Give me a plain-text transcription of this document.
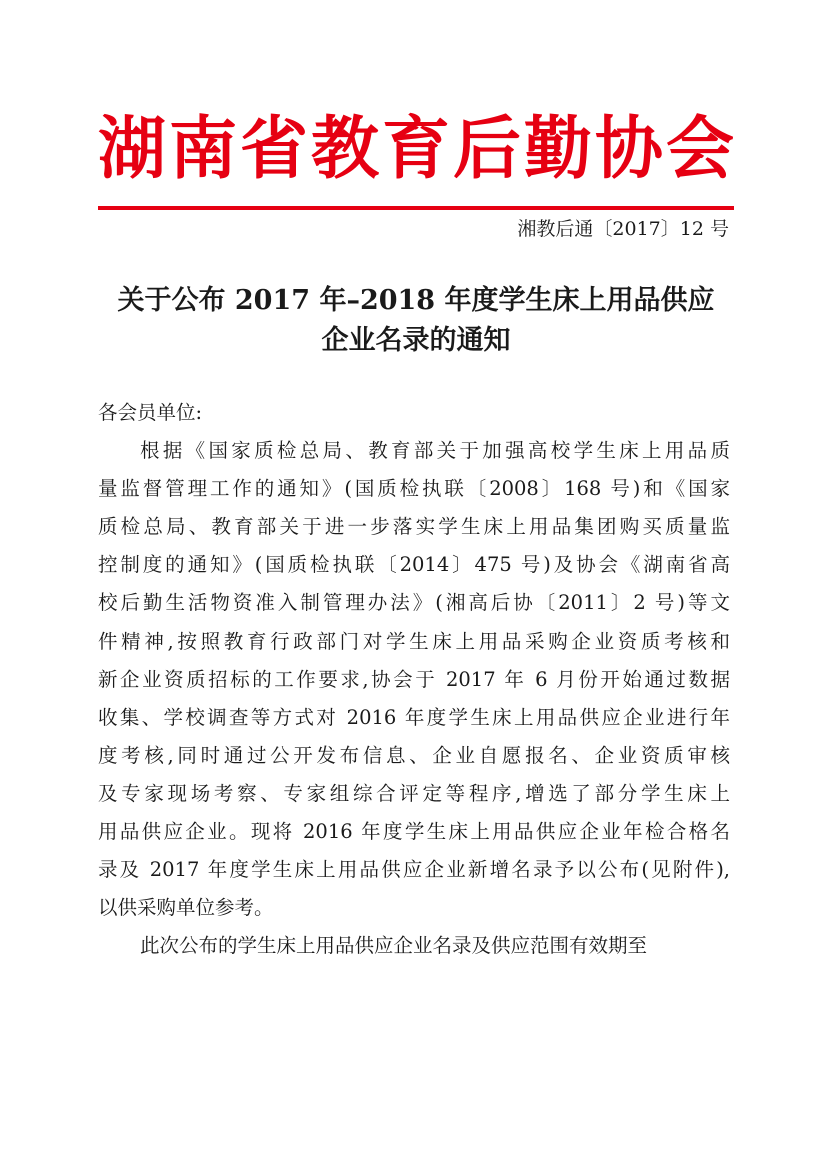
湖南省教育后勤协会
湘教后通〔2017〕12 号
关于公布 2017 年–2018 年度学生床上用品供应
企业名录的通知

各会员单位:

根据《国家质检总局、教育部关于加强高校学生床上用品质

量监督管理工作的通知》(国质检执联〔2008〕168 号)和《国家

质检总局、教育部关于进一步落实学生床上用品集团购买质量监

控制度的通知》(国质检执联〔2014〕475 号)及协会《湖南省高

校后勤生活物资准入制管理办法》(湘高后协〔2011〕2 号)等文

件精神,按照教育行政部门对学生床上用品采购企业资质考核和

新企业资质招标的工作要求,协会于 2017 年 6 月份开始通过数据

收集、学校调查等方式对 2016 年度学生床上用品供应企业进行年

度考核,同时通过公开发布信息、企业自愿报名、企业资质审核

及专家现场考察、专家组综合评定等程序,增选了部分学生床上

用品供应企业。现将 2016 年度学生床上用品供应企业年检合格名

录及 2017 年度学生床上用品供应企业新增名录予以公布(见附件),

以供采购单位参考。

此次公布的学生床上用品供应企业名录及供应范围有效期至
